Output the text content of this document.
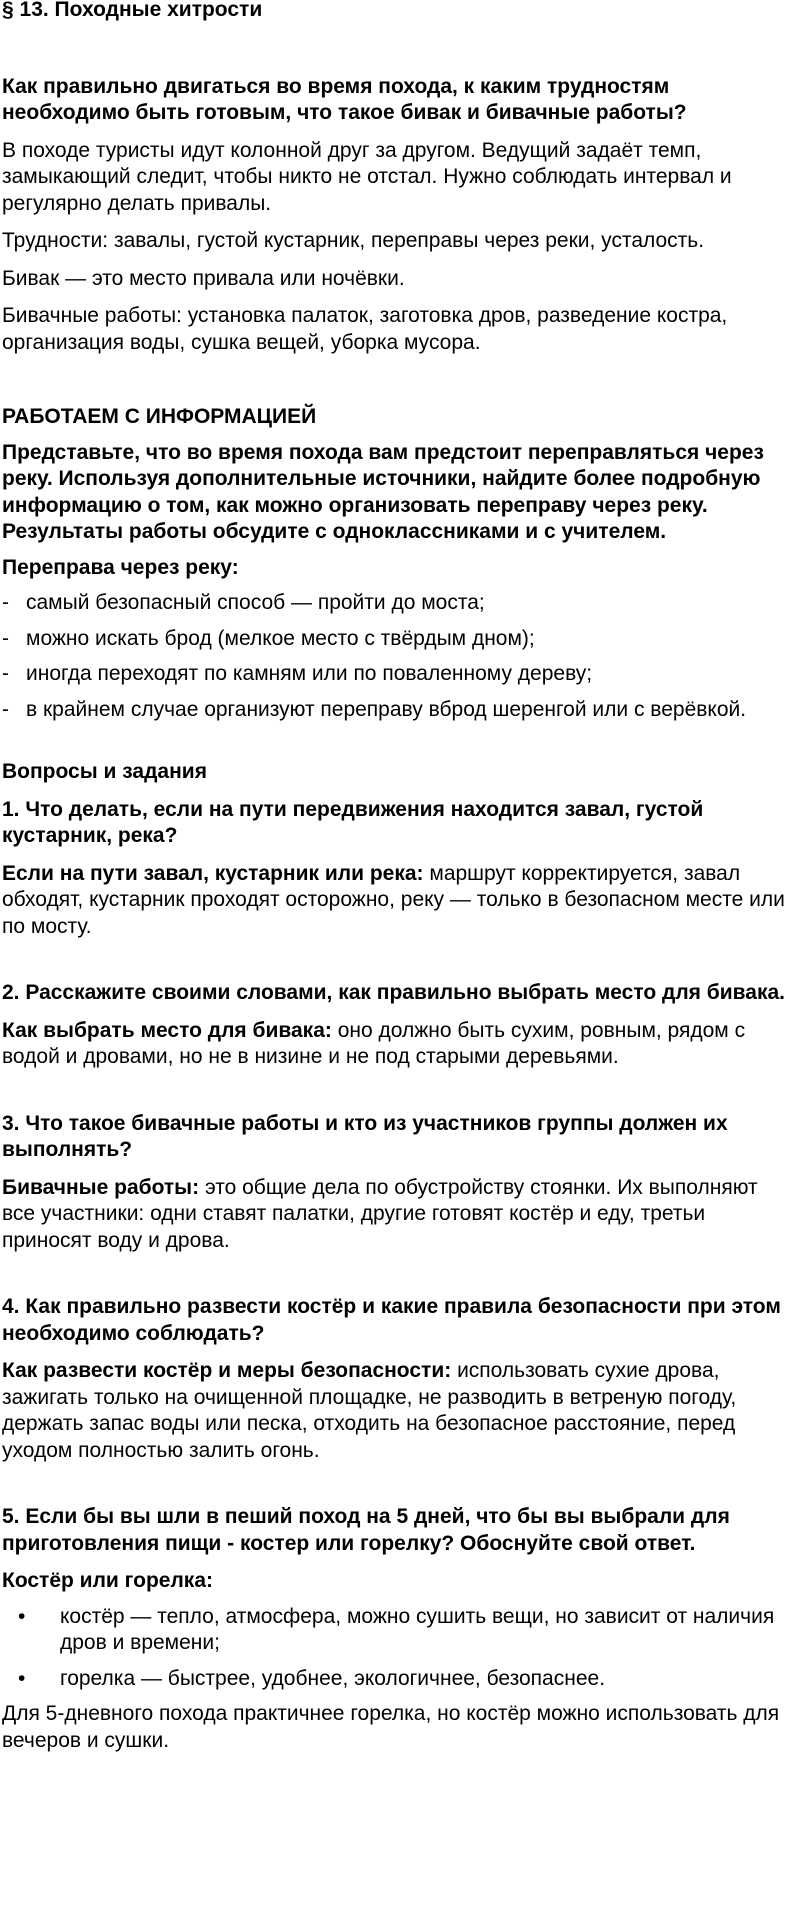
§ 13. Походные хитрости

Как правильно двигаться во время похода, к каким трудностям необходимо быть готовым, что такое бивак и бивачные работы?

В походе туристы идут колонной друг за другом. Ведущий задаёт темп, замыкающий следит, чтобы никто не отстал. Нужно соблюдать интервал и регулярно делать привалы.

Трудности: завалы, густой кустарник, переправы через реки, усталость.

Бивак — это место привала или ночёвки.

Бивачные работы: установка палаток, заготовка дров, разведение костра, организация воды, сушка вещей, уборка мусора.

РАБОТАЕМ С ИНФОРМАЦИЕЙ

Представьте, что во время похода вам предстоит переправляться через реку. Используя дополнительные источники, найдите более подробную информацию о том, как можно организовать переправу через реку. Результаты работы обсудите с одноклассниками и с учителем.

Переправа через реку:

- самый безопасный способ — пройти до моста;
- можно искать брод (мелкое место с твёрдым дном);
- иногда переходят по камням или по поваленному дереву;
- в крайнем случае организуют переправу вброд шеренгой или с верёвкой.

Вопросы и задания

1. Что делать, если на пути передвижения находится завал, густой кустарник, река?

Если на пути завал, кустарник или река: маршрут корректируется, завал обходят, кустарник проходят осторожно, реку — только в безопасном месте или по мосту.

2. Расскажите своими словами, как правильно выбрать место для бивака.

Как выбрать место для бивака: оно должно быть сухим, ровным, рядом с водой и дровами, но не в низине и не под старыми деревьями.

3. Что такое бивачные работы и кто из участников группы должен их выполнять?

Бивачные работы: это общие дела по обустройству стоянки. Их выполняют все участники: одни ставят палатки, другие готовят костёр и еду, третьи приносят воду и дрова.

4. Как правильно развести костёр и какие правила безопасности при этом необходимо соблюдать?

Как развести костёр и меры безопасности: использовать сухие дрова, зажигать только на очищенной площадке, не разводить в ветреную погоду, держать запас воды или песка, отходить на безопасное расстояние, перед уходом полностью залить огонь.

5. Если бы вы шли в пеший поход на 5 дней, что бы вы выбрали для приготовления пищи - костер или горелку? Обоснуйте свой ответ.

Костёр или горелка:

• костёр — тепло, атмосфера, можно сушить вещи, но зависит от наличия дров и времени;
• горелка — быстрее, удобнее, экологичнее, безопаснее.

Для 5-дневного похода практичнее горелка, но костёр можно использовать для вечеров и сушки.
